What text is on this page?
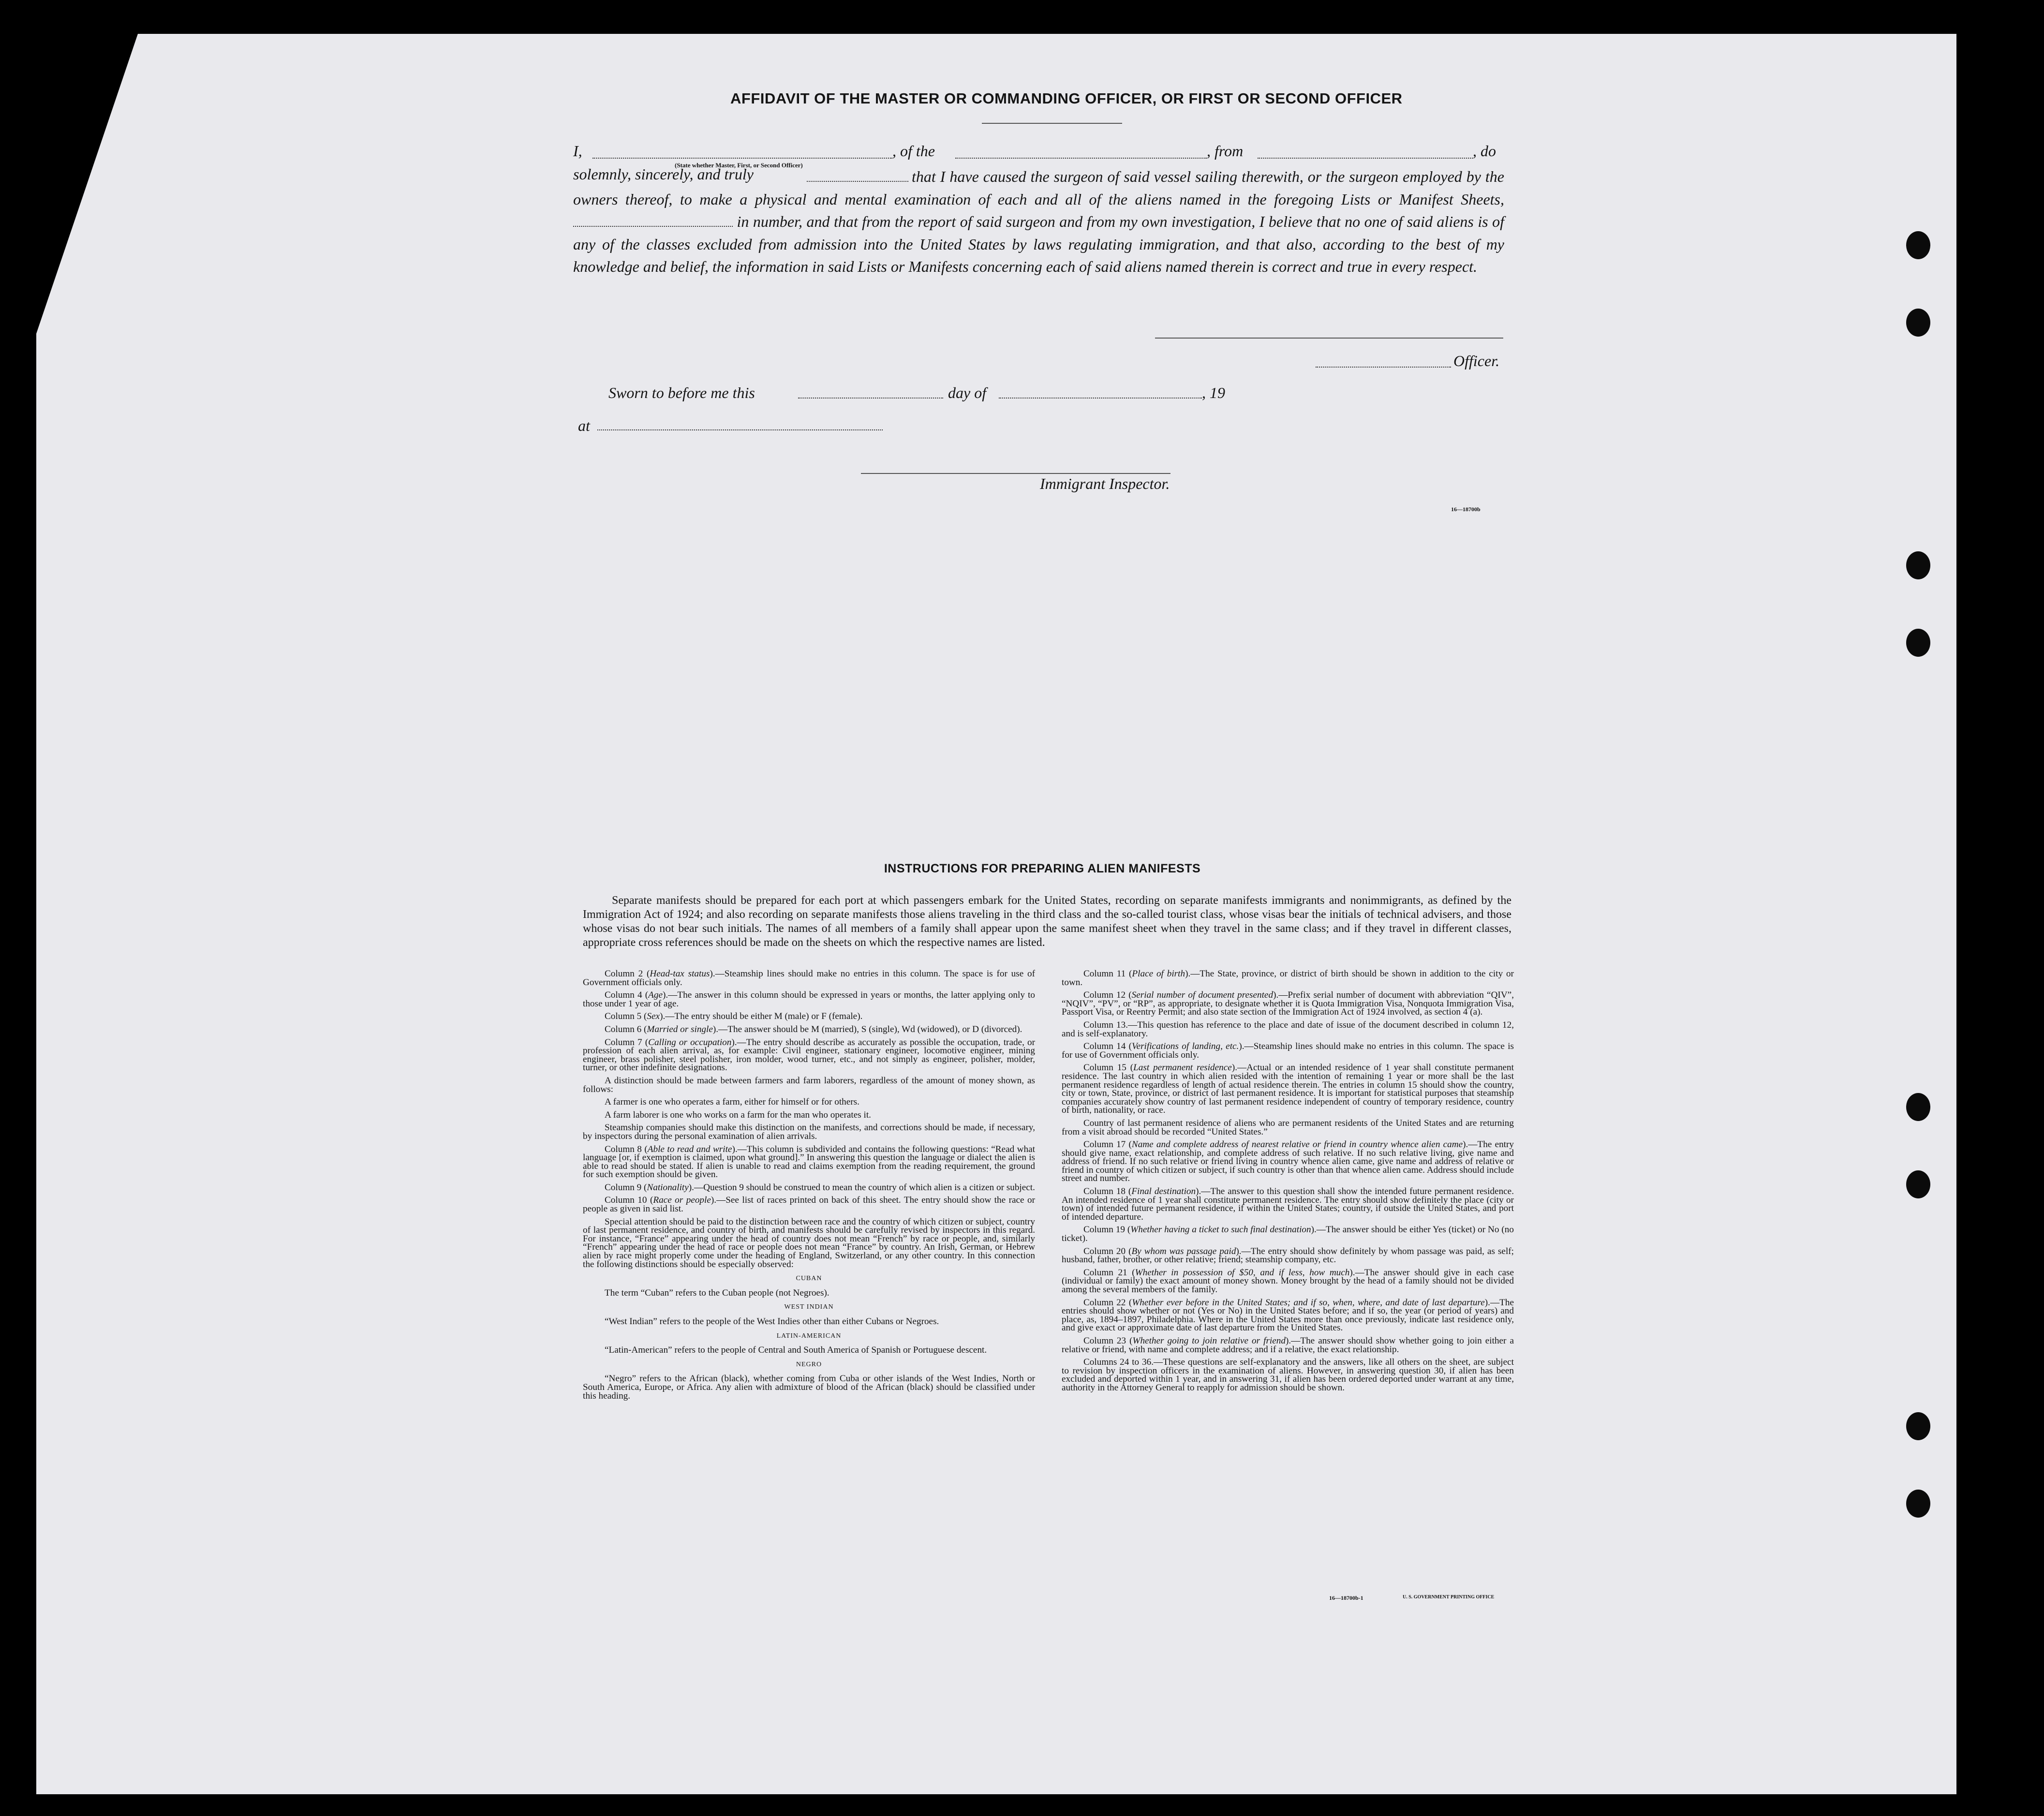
AFFIDAVIT OF THE MASTER OR COMMANDING OFFICER, OR FIRST OR SECOND OFFICER
I,
(State whether Master, First, or Second Officer)
, of the	, from	, do
solemnly, sincerely, and truly	that I have caused the surgeon of said vessel sailing therewith, or the surgeon employed by the owners thereof, to make a physical and mental examination of each and all of the aliens named in the foregoing Lists or Manifest Sheets,  in number, and that from the report of said surgeon and from my own investigation, I believe that no one of said aliens is of any of the classes excluded from admission into the United States by laws regulating immigration, and that also, according to the best of my knowledge and belief, the information in said Lists or Manifests concerning each of said aliens named therein is correct and true in every respect.

Officer.
Sworn to before me this	day of	, 19
at
Immigrant Inspector.
16—18700b
INSTRUCTIONS FOR PREPARING ALIEN MANIFESTS

Separate manifests should be prepared for each port at which passengers embark for the United States, recording on separate manifests immigrants and nonimmigrants, as defined by the Immigration Act of 1924; and also recording on separate manifests those aliens traveling in the third class and the so-called tourist class, whose visas bear the initials of technical advisers, and those whose visas do not bear such initials. The names of all members of a family shall appear upon the same manifest sheet when they travel in the same class; and if they travel in different classes, appropriate cross references should be made on the sheets on which the respective names are listed.

Column 2 (Head-tax status).—Steamship lines should make no entries in this column. The space is for use of Government officials only.

Column 4 (Age).—The answer in this column should be expressed in years or months, the latter applying only to those under 1 year of age.

Column 5 (Sex).—The entry should be either M (male) or F (female).

Column 6 (Married or single).—The answer should be M (married), S (single), Wd (widowed), or D (divorced).

Column 7 (Calling or occupation).—The entry should describe as accurately as possible the occupation, trade, or profession of each alien arrival, as, for example: Civil engineer, stationary engineer, locomotive engineer, mining engineer, brass polisher, steel polisher, iron molder, wood turner, etc., and not simply as engineer, polisher, molder, turner, or other indefinite designations.

A distinction should be made between farmers and farm laborers, regardless of the amount of money shown, as follows:

A farmer is one who operates a farm, either for himself or for others.

A farm laborer is one who works on a farm for the man who operates it.

Steamship companies should make this distinction on the manifests, and corrections should be made, if necessary, by inspectors during the personal examination of alien arrivals.

Column 8 (Able to read and write).—This column is subdivided and contains the following questions: “Read what language [or, if exemption is claimed, upon what ground].” In answering this question the language or dialect the alien is able to read should be stated. If alien is unable to read and claims exemption from the reading requirement, the ground for such exemption should be given.

Column 9 (Nationality).—Question 9 should be construed to mean the country of which alien is a citizen or subject.

Column 10 (Race or people).—See list of races printed on back of this sheet. The entry should show the race or people as given in said list.

Special attention should be paid to the distinction between race and the country of which citizen or subject, country of last permanent residence, and country of birth, and manifests should be carefully revised by inspectors in this regard. For instance, “France” appearing under the head of country does not mean “French” by race or people, and, similarly “French” appearing under the head of race or people does not mean “France” by country. An Irish, German, or Hebrew alien by race might properly come under the heading of England, Switzerland, or any other country. In this connection the following distinctions should be especially observed:

CUBAN

The term “Cuban” refers to the Cuban people (not Negroes).

WEST INDIAN

“West Indian” refers to the people of the West Indies other than either Cubans or Negroes.

LATIN-AMERICAN

“Latin-American” refers to the people of Central and South America of Spanish or Portuguese descent.

NEGRO

“Negro” refers to the African (black), whether coming from Cuba or other islands of the West Indies, North or South America, Europe, or Africa. Any alien with admixture of blood of the African (black) should be classified under this heading.

Column 11 (Place of birth).—The State, province, or district of birth should be shown in addition to the city or town.

Column 12 (Serial number of document presented).—Prefix serial number of document with abbreviation “QIV”, “NQIV”, “PV”, or “RP”, as appropriate, to designate whether it is Quota Immigration Visa, Nonquota Immigration Visa, Passport Visa, or Reentry Permit; and also state section of the Immigration Act of 1924 involved, as section 4 (a).

Column 13.—This question has reference to the place and date of issue of the document described in column 12, and is self-explanatory.

Column 14 (Verifications of landing, etc.).—Steamship lines should make no entries in this column. The space is for use of Government officials only.

Column 15 (Last permanent residence).—Actual or an intended residence of 1 year shall constitute permanent residence. The last country in which alien resided with the intention of remaining 1 year or more shall be the last permanent residence regardless of length of actual residence therein. The entries in column 15 should show the country, city or town, State, province, or district of last permanent residence. It is important for statistical purposes that steamship companies accurately show country of last permanent residence independent of country of temporary residence, country of birth, nationality, or race.

Country of last permanent residence of aliens who are permanent residents of the United States and are returning from a visit abroad should be recorded “United States.”

Column 17 (Name and complete address of nearest relative or friend in country whence alien came).—The entry should give name, exact relationship, and complete address of such relative. If no such relative living, give name and address of friend. If no such relative or friend living in country whence alien came, give name and address of relative or friend in country of which citizen or subject, if such country is other than that whence alien came. Address should include street and number.

Column 18 (Final destination).—The answer to this question shall show the intended future permanent residence. An intended residence of 1 year shall constitute permanent residence. The entry should show definitely the place (city or town) of intended future permanent residence, if within the United States; country, if outside the United States, and port of intended departure.

Column 19 (Whether having a ticket to such final destination).—The answer should be either Yes (ticket) or No (no ticket).

Column 20 (By whom was passage paid).—The entry should show definitely by whom passage was paid, as self; husband, father, brother, or other relative; friend; steamship company, etc.

Column 21 (Whether in possession of $50, and if less, how much).—The answer should give in each case (individual or family) the exact amount of money shown. Money brought by the head of a family should not be divided among the several members of the family.

Column 22 (Whether ever before in the United States; and if so, when, where, and date of last departure).—The entries should show whether or not (Yes or No) in the United States before; and if so, the year (or period of years) and place, as, 1894–1897, Philadelphia. Where in the United States more than once previously, indicate last residence only, and give exact or approximate date of last departure from the United States.

Column 23 (Whether going to join relative or friend).—The answer should show whether going to join either a relative or friend, with name and complete address; and if a relative, the exact relationship.

Columns 24 to 36.—These questions are self-explanatory and the answers, like all others on the sheet, are subject to revision by inspection officers in the examination of aliens. However, in answering question 30, if alien has been excluded and deported within 1 year, and in answering 31, if alien has been ordered deported under warrant at any time, authority in the Attorney General to reapply for admission should be shown.

16—18700b-1	U. S. GOVERNMENT PRINTING OFFICE
